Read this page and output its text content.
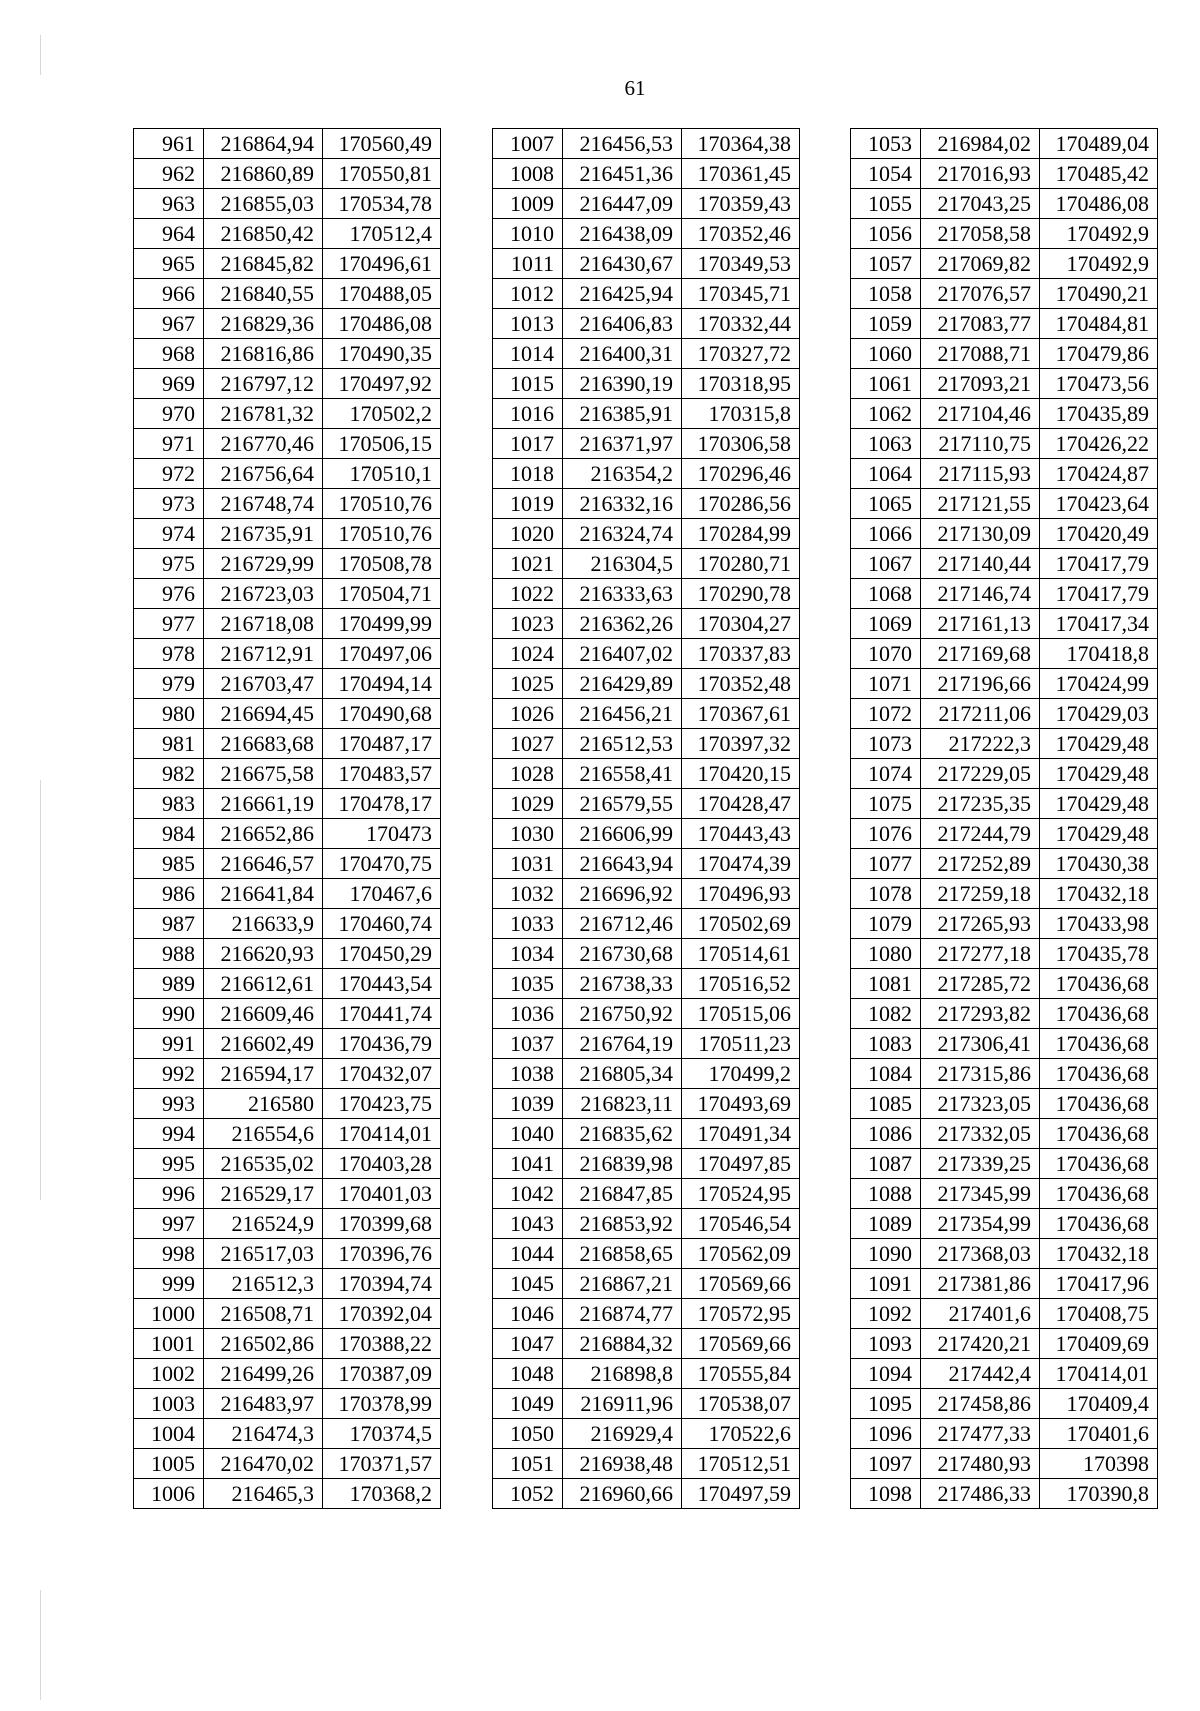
61
961	216864,94	170560,49
962	216860,89	170550,81
963	216855,03	170534,78
964	216850,42	170512,4
965	216845,82	170496,61
966	216840,55	170488,05
967	216829,36	170486,08
968	216816,86	170490,35
969	216797,12	170497,92
970	216781,32	170502,2
971	216770,46	170506,15
972	216756,64	170510,1
973	216748,74	170510,76
974	216735,91	170510,76
975	216729,99	170508,78
976	216723,03	170504,71
977	216718,08	170499,99
978	216712,91	170497,06
979	216703,47	170494,14
980	216694,45	170490,68
981	216683,68	170487,17
982	216675,58	170483,57
983	216661,19	170478,17
984	216652,86	170473
985	216646,57	170470,75
986	216641,84	170467,6
987	216633,9	170460,74
988	216620,93	170450,29
989	216612,61	170443,54
990	216609,46	170441,74
991	216602,49	170436,79
992	216594,17	170432,07
993	216580	170423,75
994	216554,6	170414,01
995	216535,02	170403,28
996	216529,17	170401,03
997	216524,9	170399,68
998	216517,03	170396,76
999	216512,3	170394,74
1000	216508,71	170392,04
1001	216502,86	170388,22
1002	216499,26	170387,09
1003	216483,97	170378,99
1004	216474,3	170374,5
1005	216470,02	170371,57
1006	216465,3	170368,2
1007	216456,53	170364,38
1008	216451,36	170361,45
1009	216447,09	170359,43
1010	216438,09	170352,46
1011	216430,67	170349,53
1012	216425,94	170345,71
1013	216406,83	170332,44
1014	216400,31	170327,72
1015	216390,19	170318,95
1016	216385,91	170315,8
1017	216371,97	170306,58
1018	216354,2	170296,46
1019	216332,16	170286,56
1020	216324,74	170284,99
1021	216304,5	170280,71
1022	216333,63	170290,78
1023	216362,26	170304,27
1024	216407,02	170337,83
1025	216429,89	170352,48
1026	216456,21	170367,61
1027	216512,53	170397,32
1028	216558,41	170420,15
1029	216579,55	170428,47
1030	216606,99	170443,43
1031	216643,94	170474,39
1032	216696,92	170496,93
1033	216712,46	170502,69
1034	216730,68	170514,61
1035	216738,33	170516,52
1036	216750,92	170515,06
1037	216764,19	170511,23
1038	216805,34	170499,2
1039	216823,11	170493,69
1040	216835,62	170491,34
1041	216839,98	170497,85
1042	216847,85	170524,95
1043	216853,92	170546,54
1044	216858,65	170562,09
1045	216867,21	170569,66
1046	216874,77	170572,95
1047	216884,32	170569,66
1048	216898,8	170555,84
1049	216911,96	170538,07
1050	216929,4	170522,6
1051	216938,48	170512,51
1052	216960,66	170497,59
1053	216984,02	170489,04
1054	217016,93	170485,42
1055	217043,25	170486,08
1056	217058,58	170492,9
1057	217069,82	170492,9
1058	217076,57	170490,21
1059	217083,77	170484,81
1060	217088,71	170479,86
1061	217093,21	170473,56
1062	217104,46	170435,89
1063	217110,75	170426,22
1064	217115,93	170424,87
1065	217121,55	170423,64
1066	217130,09	170420,49
1067	217140,44	170417,79
1068	217146,74	170417,79
1069	217161,13	170417,34
1070	217169,68	170418,8
1071	217196,66	170424,99
1072	217211,06	170429,03
1073	217222,3	170429,48
1074	217229,05	170429,48
1075	217235,35	170429,48
1076	217244,79	170429,48
1077	217252,89	170430,38
1078	217259,18	170432,18
1079	217265,93	170433,98
1080	217277,18	170435,78
1081	217285,72	170436,68
1082	217293,82	170436,68
1083	217306,41	170436,68
1084	217315,86	170436,68
1085	217323,05	170436,68
1086	217332,05	170436,68
1087	217339,25	170436,68
1088	217345,99	170436,68
1089	217354,99	170436,68
1090	217368,03	170432,18
1091	217381,86	170417,96
1092	217401,6	170408,75
1093	217420,21	170409,69
1094	217442,4	170414,01
1095	217458,86	170409,4
1096	217477,33	170401,6
1097	217480,93	170398
1098	217486,33	170390,8
